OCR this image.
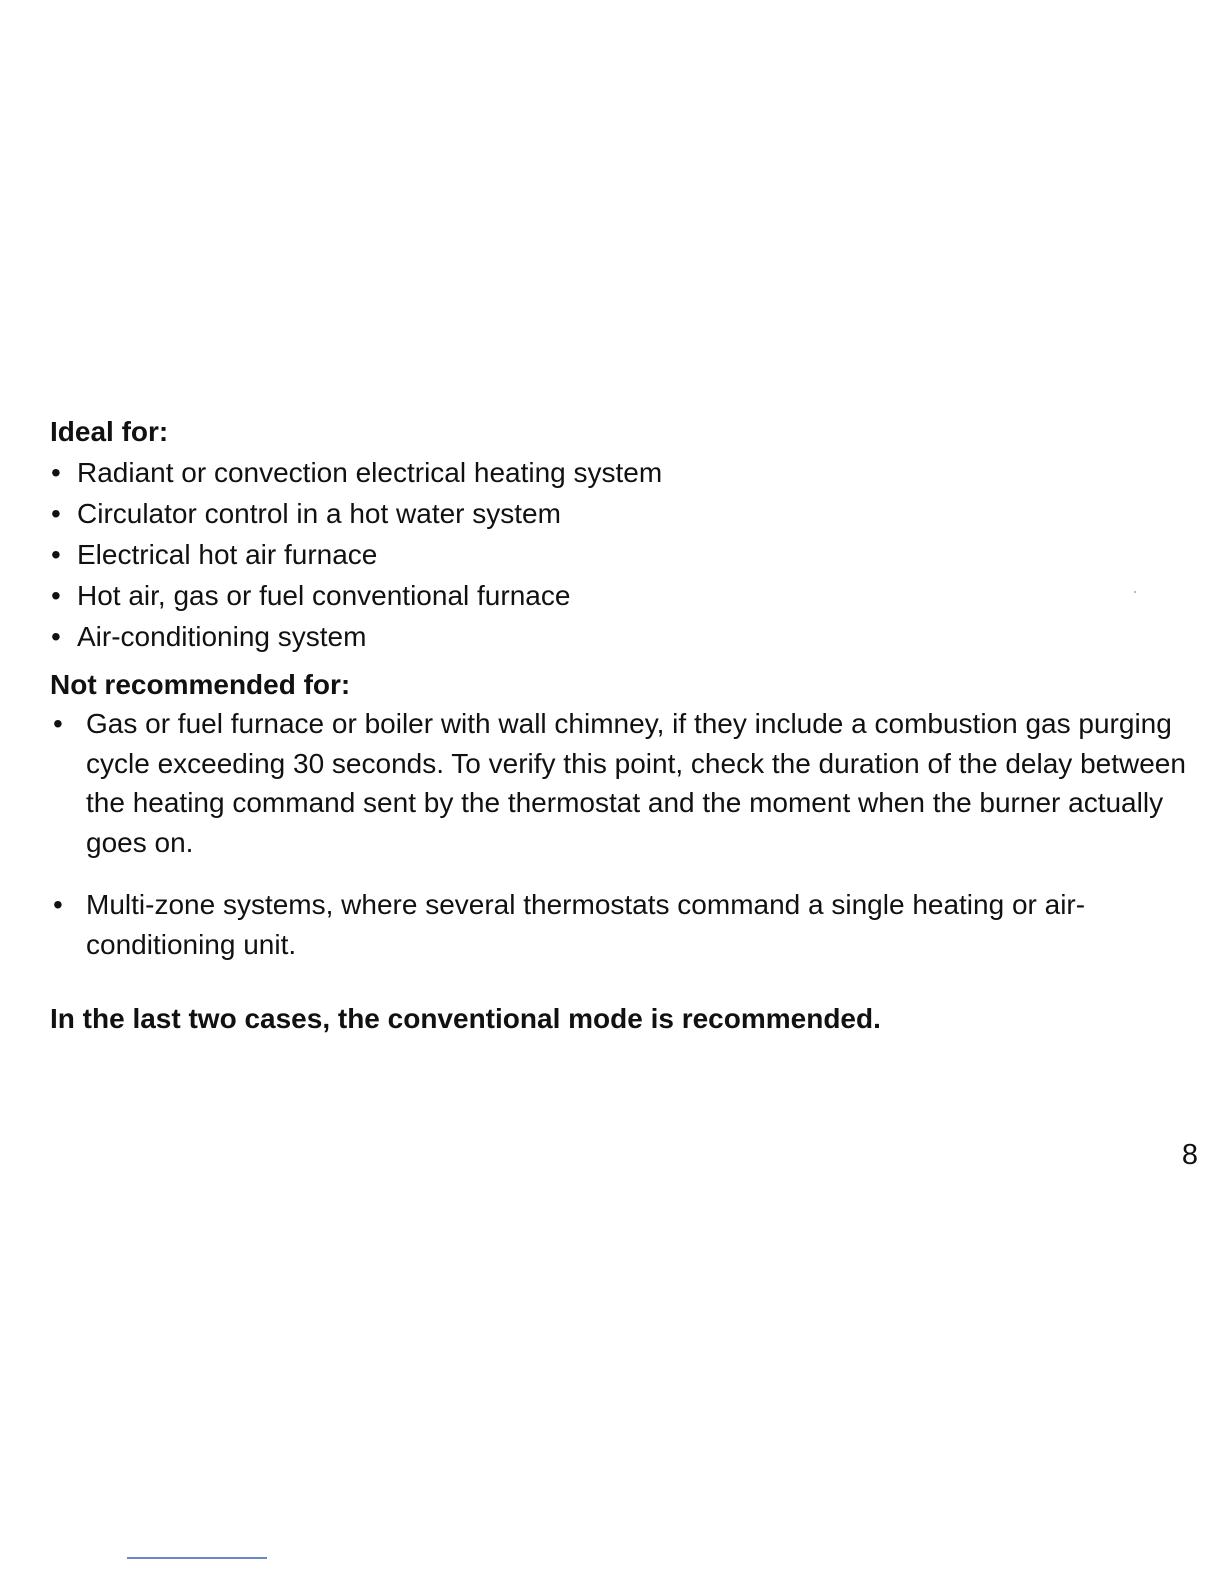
Ideal for:
• Radiant or convection electrical heating system
• Circulator control in a hot water system
• Electrical hot air furnace
• Hot air, gas or fuel conventional furnace
• Air-conditioning system
Not recommended for:
• Gas or fuel furnace or boiler with wall chimney, if they include a combustion gas purging cycle exceeding 30 seconds. To verify this point, check the duration of the delay between the heating command sent by the thermostat and the moment when the burner actually goes on.
• Multi-zone systems, where several thermostats command a single heating or air-conditioning unit.

In the last two cases, the conventional mode is recommended.

8
